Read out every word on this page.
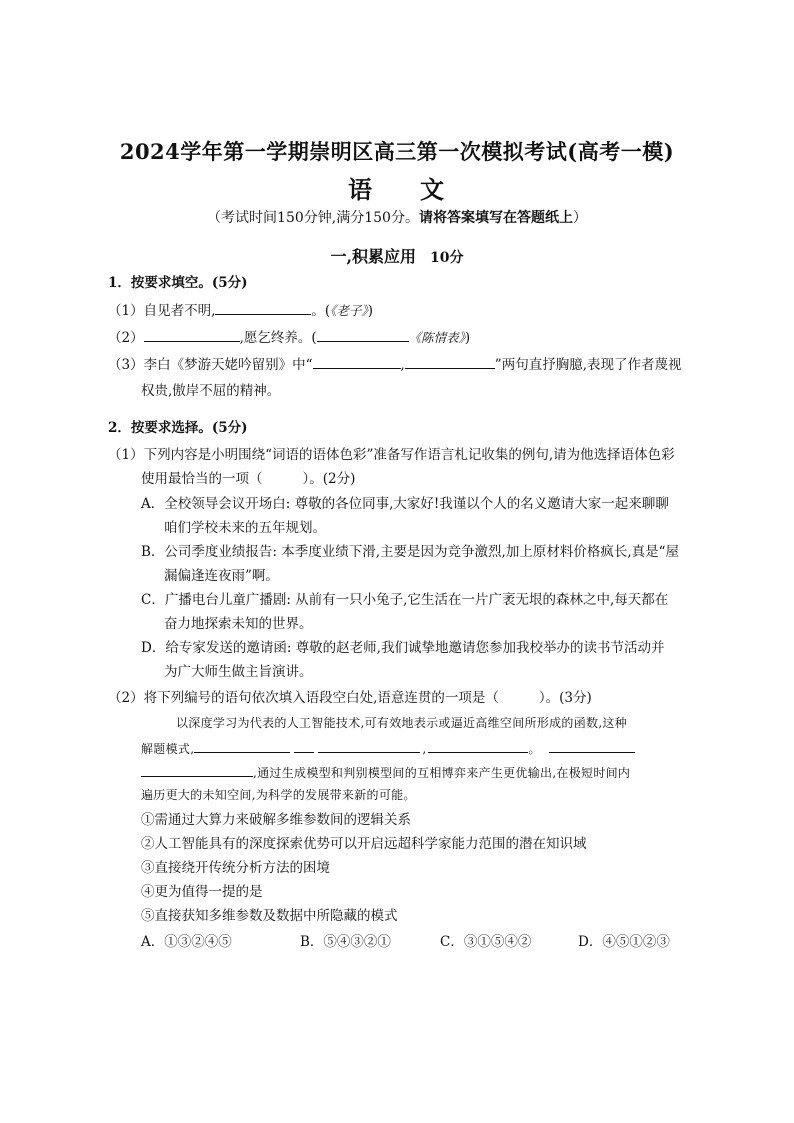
2024学年第一学期崇明区高三第一次模拟考试(高考一模)
语 文
（考试时间150分钟,满分150分。请将答案填写在答题纸上）
一,积累应用 10分
1．按要求填空。(5分)
（1）自见者不明,	。(《老子》)
（2）	,愿乞终养。(	《陈情表》)
（3）李白《梦游天姥吟留别》中“	,	”两句直抒胸臆,表现了作者蔑视
权贵,傲岸不屈的精神。
2．按要求选择。(5分)
（1）下列内容是小明围绕“词语的语体色彩”准备写作语言札记收集的例句,请为他选择语体色彩
使用最恰当的一项（	）。(2分)
A．全校领导会议开场白: 尊敬的各位同事,大家好!我谨以个人的名义邀请大家一起来聊聊
咱们学校未来的五年规划。
B．公司季度业绩报告: 本季度业绩下滑,主要是因为竞争激烈,加上原材料价格疯长,真是“屋
漏偏逢连夜雨”啊。
C．广播电台儿童广播剧: 从前有一只小兔子,它生活在一片广袤无垠的森林之中,每天都在
奋力地探索未知的世界。
D．给专家发送的邀请函: 尊敬的赵老师,我们诚挚地邀请您参加我校举办的读书节活动并
为广大师生做主旨演讲。
（2）将下列编号的语句依次填入语段空白处,语意连贯的一项是（	）。(3分)
以深度学习为代表的人工智能技术,可有效地表示或逼近高维空间所形成的函数,这种
解题模式,	,	。
,通过生成模型和判别模型间的互相博弈来产生更优输出,在极短时间内
遍历更大的未知空间,为科学的发展带来新的可能。
①需通过大算力来破解多维参数间的逻辑关系
②人工智能具有的深度探索优势可以开启远超科学家能力范围的潜在知识域
③直接绕开传统分析方法的困境
④更为值得一提的是
⑤直接获知多维参数及数据中所隐藏的模式
A．①③②④⑤	B．⑤④③②①	C．③①⑤④②	D．④⑤①②③
